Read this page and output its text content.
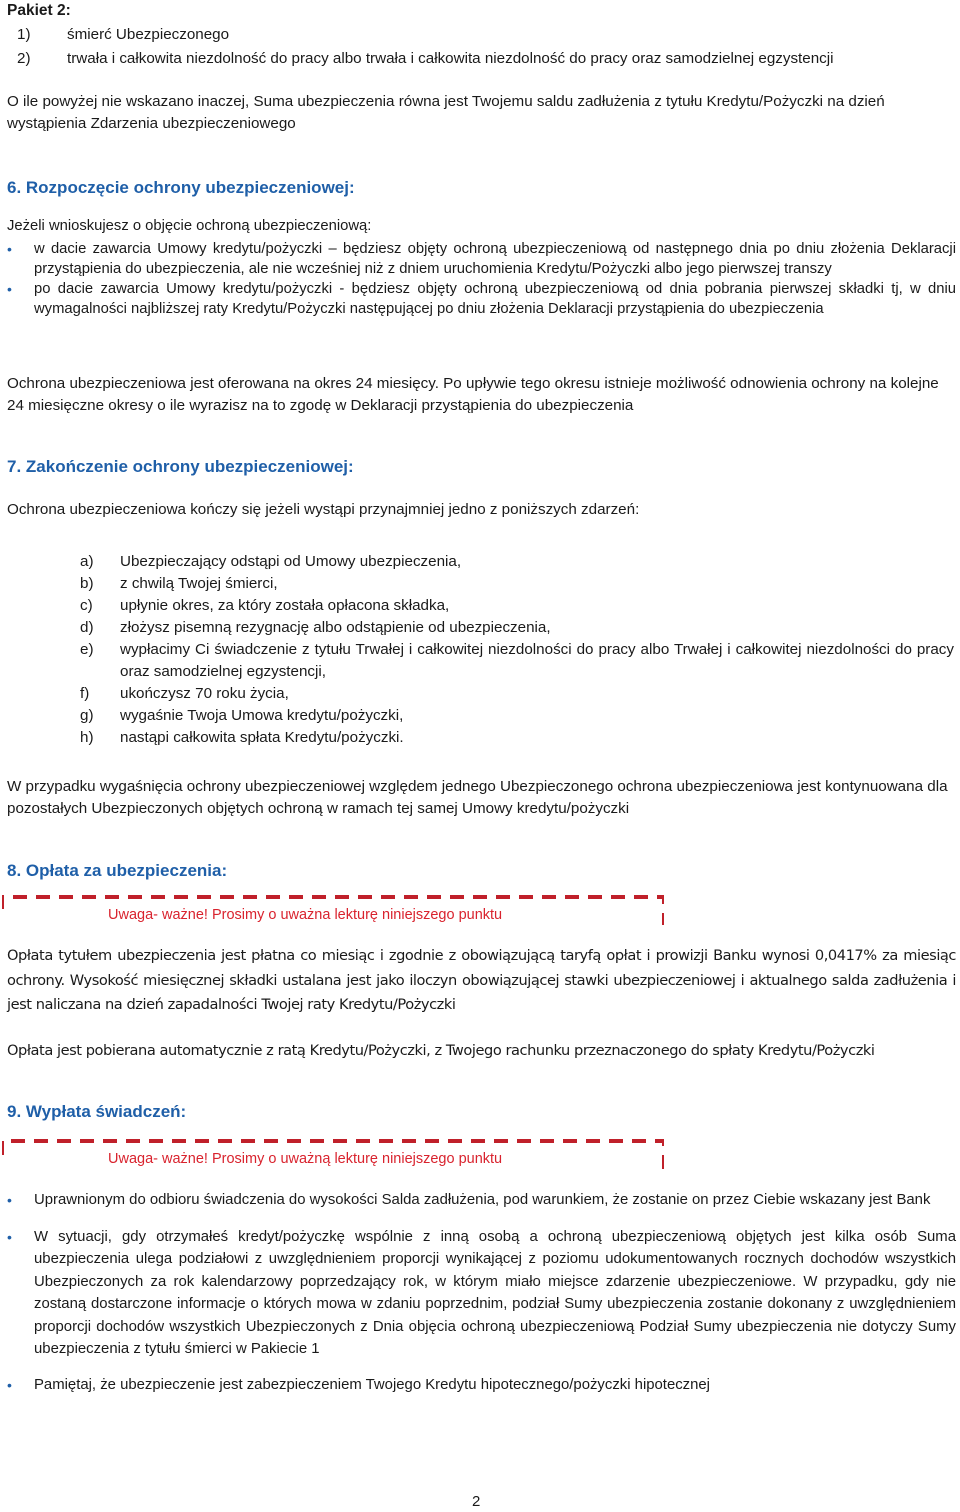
Pakiet 2:
1)	śmierć Ubezpieczonego
2)	trwała i całkowita niezdolność do pracy albo trwała i całkowita niezdolność do pracy oraz samodzielnej egzystencji
O ile powyżej nie wskazano inaczej, Suma ubezpieczenia równa jest Twojemu saldu zadłużenia z tytułu Kredytu/Pożyczki na dzień wystąpienia Zdarzenia ubezpieczeniowego
6. Rozpoczęcie ochrony ubezpieczeniowej:
Jeżeli wnioskujesz o objęcie ochroną ubezpieczeniową:
• w dacie zawarcia Umowy kredytu/pożyczki – będziesz objęty ochroną ubezpieczeniową od następnego dnia po dniu złożenia Deklaracji przystąpienia do ubezpieczenia, ale nie wcześniej niż z dniem uruchomienia Kredytu/Pożyczki albo jego pierwszej transzy
• po dacie zawarcia Umowy kredytu/pożyczki - będziesz objęty ochroną ubezpieczeniową od dnia pobrania pierwszej składki tj, w dniu wymagalności najbliższej raty Kredytu/Pożyczki następującej po dniu złożenia Deklaracji przystąpienia do ubezpieczenia
Ochrona ubezpieczeniowa jest oferowana na okres 24 miesięcy. Po upływie tego okresu istnieje możliwość odnowienia ochrony na kolejne 24 miesięczne okresy o ile wyrazisz na to zgodę w Deklaracji przystąpienia do ubezpieczenia
7. Zakończenie ochrony ubezpieczeniowej:
Ochrona ubezpieczeniowa kończy się jeżeli wystąpi przynajmniej jedno z poniższych zdarzeń:
a)	Ubezpieczający odstąpi od Umowy ubezpieczenia,
b)	z chwilą Twojej śmierci,
c)	upłynie okres, za który została opłacona składka,
d)	złożysz pisemną rezygnację albo odstąpienie od ubezpieczenia,
e)	wypłacimy Ci świadczenie z tytułu Trwałej i całkowitej niezdolności do pracy albo Trwałej i całkowitej niezdolności do pracy oraz samodzielnej egzystencji,
f)	ukończysz 70 roku życia,
g)	wygaśnie Twoja Umowa kredytu/pożyczki,
h)	nastąpi całkowita spłata Kredytu/pożyczki.
W przypadku wygaśnięcia ochrony ubezpieczeniowej względem jednego Ubezpieczonego ochrona ubezpieczeniowa jest kontynuowana dla pozostałych Ubezpieczonych objętych ochroną w ramach tej samej Umowy kredytu/pożyczki
8. Opłata za ubezpieczenia:
Uwaga- ważne! Prosimy o uważna lekturę niniejszego punktu
Opłata tytułem ubezpieczenia jest płatna co miesiąc i zgodnie z obowiązującą taryfą opłat i prowizji Banku wynosi 0,0417% za miesiąc ochrony. Wysokość miesięcznej składki ustalana jest jako iloczyn obowiązującej stawki ubezpieczeniowej i aktualnego salda zadłużenia i jest naliczana na dzień zapadalności Twojej raty Kredytu/Pożyczki
Opłata jest pobierana automatycznie z ratą Kredytu/Pożyczki, z Twojego rachunku przeznaczonego do spłaty Kredytu/Pożyczki
9. Wypłata świadczeń:
Uwaga- ważne! Prosimy o uważną lekturę niniejszego punktu
• Uprawnionym do odbioru świadczenia do wysokości Salda zadłużenia, pod warunkiem, że zostanie on przez Ciebie wskazany jest Bank
• W sytuacji, gdy otrzymałeś kredyt/pożyczkę wspólnie z inną osobą a ochroną ubezpieczeniową objętych jest kilka osób Suma ubezpieczenia ulega podziałowi z uwzględnieniem proporcji wynikającej z poziomu udokumentowanych rocznych dochodów wszystkich Ubezpieczonych za rok kalendarzowy poprzedzający rok, w którym miało miejsce zdarzenie ubezpieczeniowe. W przypadku, gdy nie zostaną dostarczone informacje o których mowa w zdaniu poprzednim, podział Sumy ubezpieczenia zostanie dokonany z uwzględnieniem proporcji dochodów wszystkich Ubezpieczonych z Dnia objęcia ochroną ubezpieczeniową Podział Sumy ubezpieczenia nie dotyczy Sumy ubezpieczenia z tytułu śmierci w Pakiecie 1
• Pamiętaj, że ubezpieczenie jest zabezpieczeniem Twojego Kredytu hipotecznego/pożyczki hipotecznej
2
